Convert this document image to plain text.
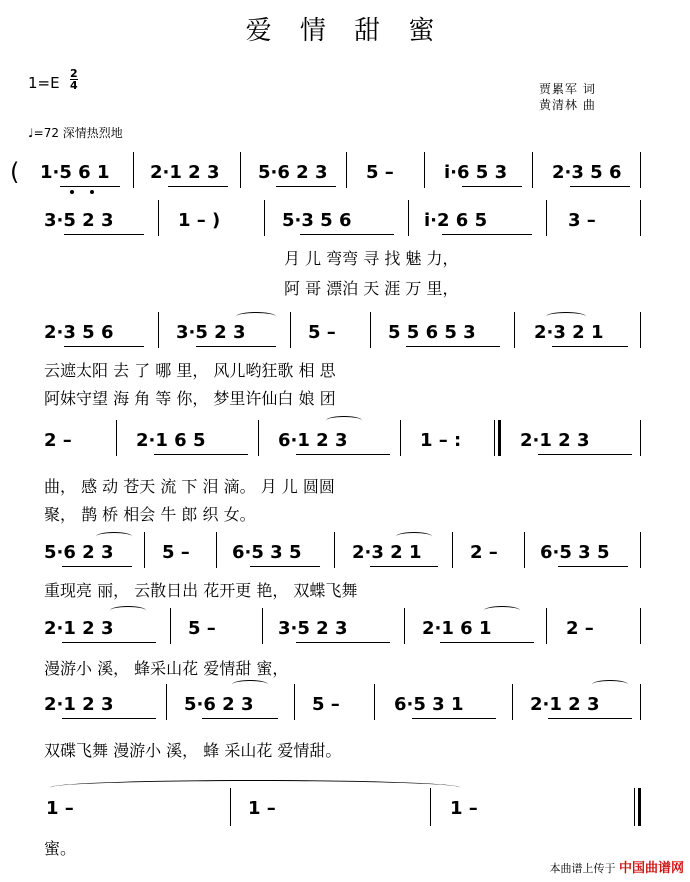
爱 情 甜 蜜
1=E
2
4	贾累军 词
黄清林 曲
♩=72 深情热烈地
( 1·5 6 1 2·1 2 3 5·6 2 3 5 –	i·6 5 3 2·3 5 6
3·5 2 3	1 – )	5·3 5 6	i·2 6 5	3 –
月 儿 弯弯 寻 找 魅 力，
阿 哥 漂泊 天 涯 万 里，
2·3 5 6	3·5 2 3	5 –	5 5 6 5 3	2·3 2 1
云遮太阳 去 了 哪 里， 风儿哟狂歌 相 思
阿妹守望 海 角 等 你， 梦里许仙白 娘 团
2 –	2·1 6 5	6·1 2 3	1 – :	2·1 2 3
曲， 感 动 苍天 流 下 泪 滴。 月 儿 圆圆
聚， 鹊 桥 相会 牛 郎 织 女。
5·6 2 3	5 – 6·5 3 5	2·3 2 1	2 – 6·5 3 5
重现亮 丽， 云散日出 花开更 艳， 双蝶飞舞
2·1 2 3	5 –	3·5 2 3	2·1 6 1	2 –
漫游小 溪， 蜂采山花 爱情甜 蜜，
2·1 2 3	5·6 2 3	5 –	6·5 3 1	2·1 2 3
双碟飞舞 漫游小 溪， 蜂 采山花 爱情甜。
1 –	1 –	1 –
蜜。
本曲谱上传于 中国曲谱网
